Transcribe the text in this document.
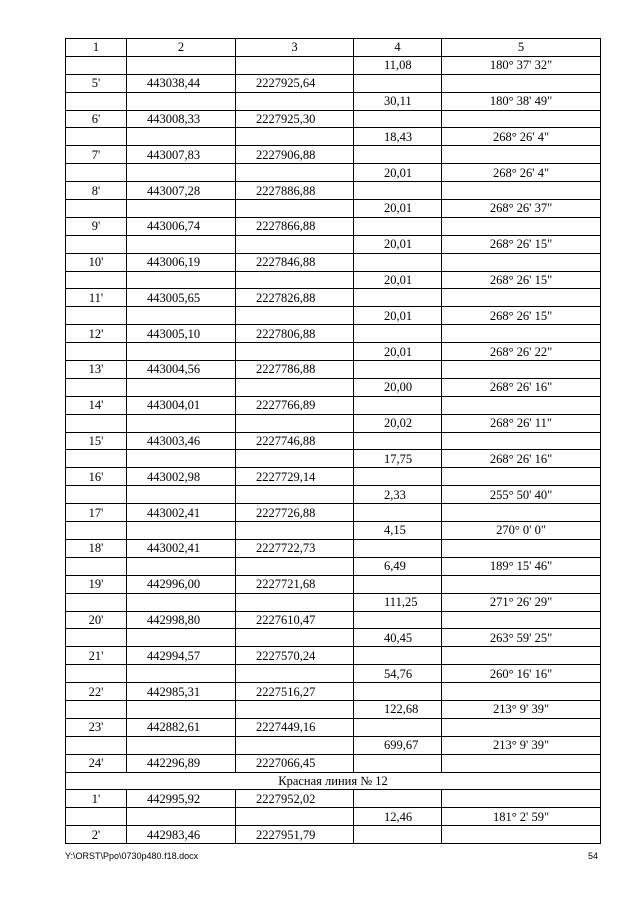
1	2	3	4	5
			11,08	180° 37' 32"
5'	443038,44	2227925,64		
			30,11	180° 38' 49"
6'	443008,33	2227925,30		
			18,43	268° 26' 4"
7'	443007,83	2227906,88		
			20,01	268° 26' 4"
8'	443007,28	2227886,88		
			20,01	268° 26' 37"
9'	443006,74	2227866,88		
			20,01	268° 26' 15"
10'	443006,19	2227846,88		
			20,01	268° 26' 15"
11'	443005,65	2227826,88		
			20,01	268° 26' 15"
12'	443005,10	2227806,88		
			20,01	268° 26' 22"
13'	443004,56	2227786,88		
			20,00	268° 26' 16"
14'	443004,01	2227766,89		
			20,02	268° 26' 11"
15'	443003,46	2227746,88		
			17,75	268° 26' 16"
16'	443002,98	2227729,14		
			2,33	255° 50' 40"
17'	443002,41	2227726,88		
			4,15	270° 0' 0"
18'	443002,41	2227722,73		
			6,49	189° 15' 46"
19'	442996,00	2227721,68		
			111,25	271° 26' 29"
20'	442998,80	2227610,47		
			40,45	263° 59' 25"
21'	442994,57	2227570,24		
			54,76	260° 16' 16"
22'	442985,31	2227516,27		
			122,68	213° 9' 39"
23'	442882,61	2227449,16		
			699,67	213° 9' 39"
24'	442296,89	2227066,45		
Красная линия № 12				
1'	442995,92	2227952,02		
			12,46	181° 2' 59"
2'	442983,46	2227951,79		
Y:\ORST\Ppo\0730p480.f18.docx	54
